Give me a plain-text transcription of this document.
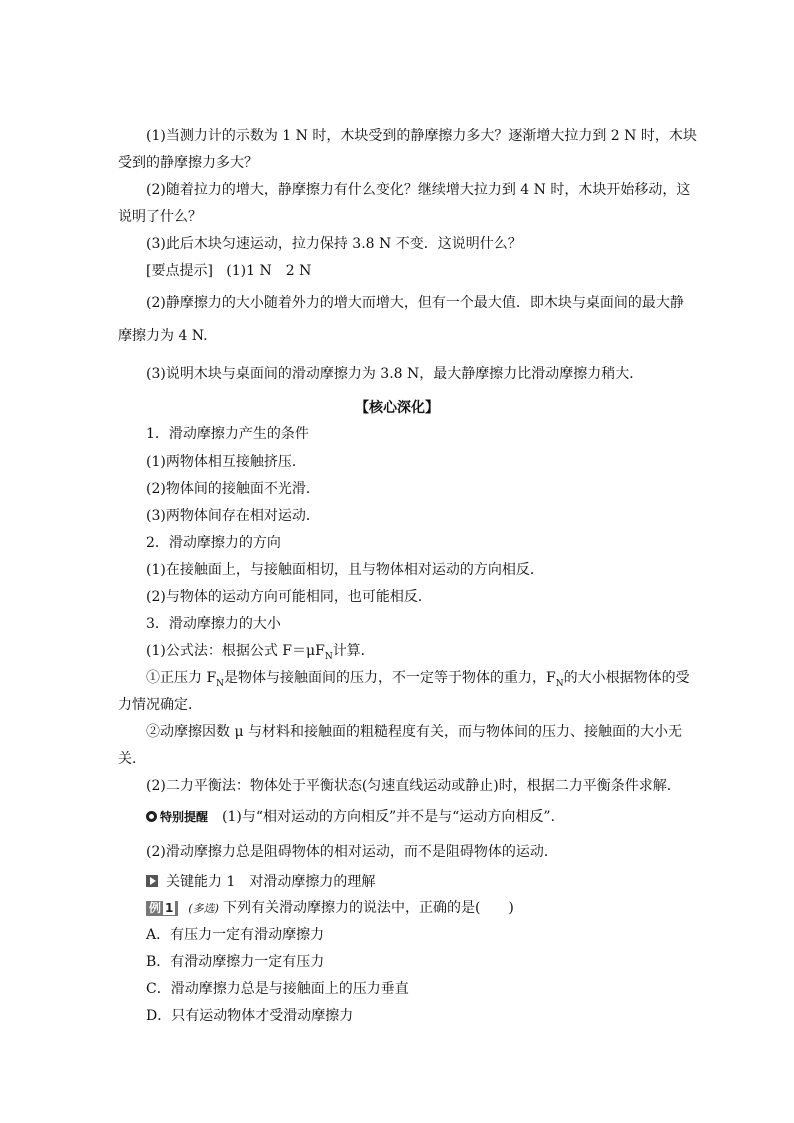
(1)当测力计的示数为 1 N 时，木块受到的静摩擦力多大？逐渐增大拉力到 2 N 时，木块
受到的静摩擦力多大？
(2)随着拉力的增大，静摩擦力有什么变化？继续增大拉力到 4 N 时，木块开始移动，这
说明了什么？
(3)此后木块匀速运动，拉力保持 3.8 N 不变．这说明什么？
[要点提示] (1)1 N　2 N
(2)静摩擦力的大小随着外力的增大而增大，但有一个最大值．即木块与桌面间的最大静
摩擦力为 4 N.
(3)说明木块与桌面间的滑动摩擦力为 3.8 N，最大静摩擦力比滑动摩擦力稍大．
【核心深化】
1．滑动摩擦力产生的条件
(1)两物体相互接触挤压．
(2)物体间的接触面不光滑．
(3)两物体间存在相对运动．
2．滑动摩擦力的方向
(1)在接触面上，与接触面相切，且与物体相对运动的方向相反．
(2)与物体的运动方向可能相同，也可能相反．
3．滑动摩擦力的大小
(1)公式法：根据公式 $F=\mu F_N$计算．
①正压力 $F_N$是物体与接触面间的压力，不一定等于物体的重力，$F_N$的大小根据物体的受
力情况确定．
②动摩擦因数 μ 与材料和接触面的粗糙程度有关，而与物体间的压力、接触面的大小无
关．
(2)二力平衡法：物体处于平衡状态(匀速直线运动或静止)时，根据二力平衡条件求解．
特别提醒 (1)与“相对运动的方向相反”并不是与“运动方向相反”.
(2)滑动摩擦力总是阻碍物体的相对运动，而不是阻碍物体的运动．
关键能力 1　对滑动摩擦力的理解
例 1 (多选) 下列有关滑动摩擦力的说法中，正确的是(　　)
A．有压力一定有滑动摩擦力
B．有滑动摩擦力一定有压力
C．滑动摩擦力总是与接触面上的压力垂直
D．只有运动物体才受滑动摩擦力
